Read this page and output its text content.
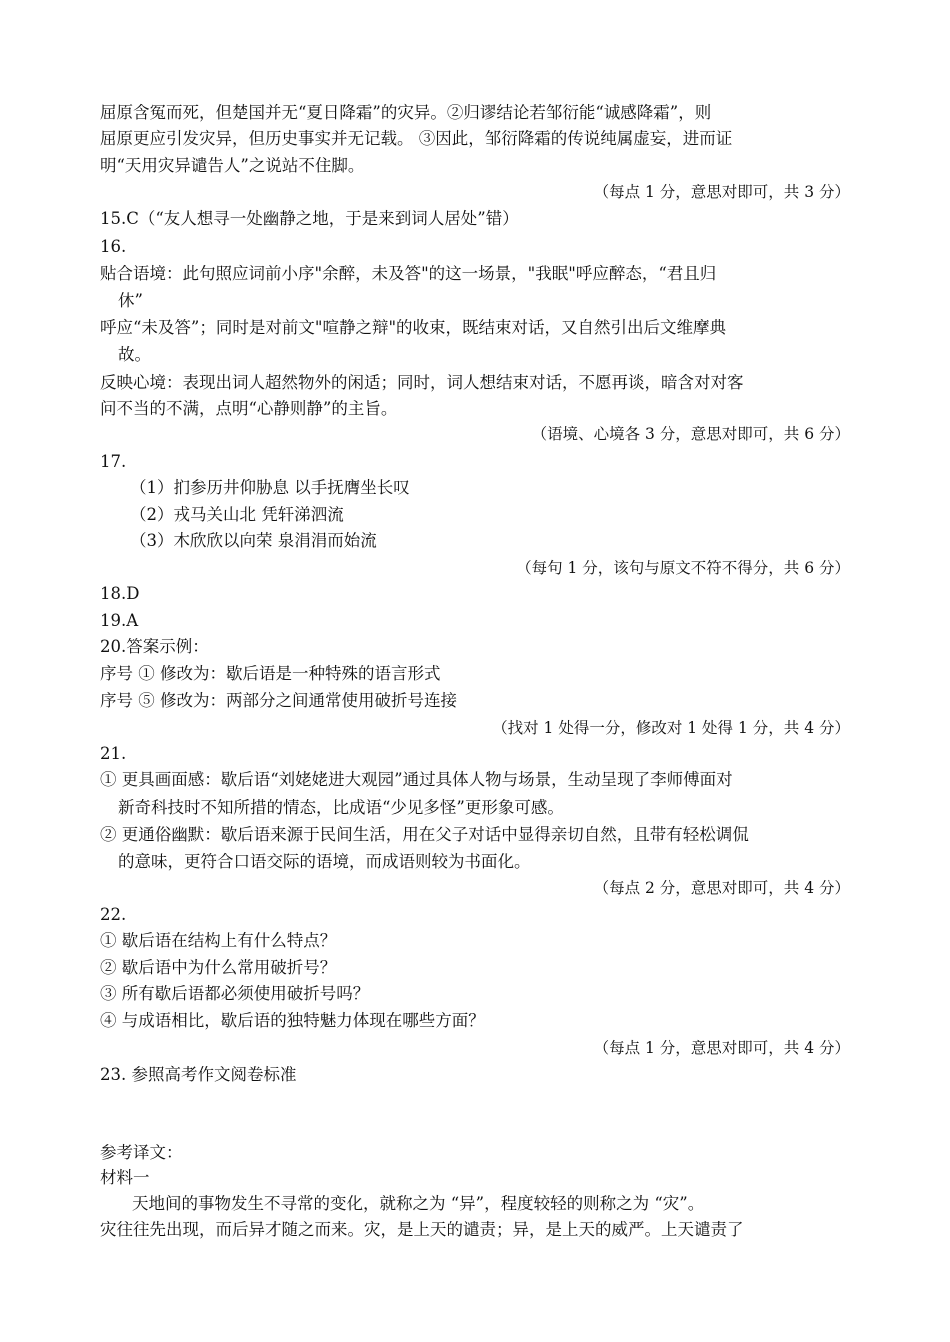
屈原含冤而死，但楚国并无“夏日降霜”的灾异。②归谬结论若邹衍能“诚感降霜”，则
屈原更应引发灾异，但历史事实并无记载。 ③因此，邹衍降霜的传说纯属虚妄，进而证
明“天用灾异谴告人”之说站不住脚。
（每点 1 分，意思对即可，共 3 分）
15.C（“友人想寻一处幽静之地，于是来到词人居处”错）
16.
贴合语境：此句照应词前小序"余醉，未及答"的这一场景，"我眠"呼应醉态，“君且归
休”
呼应“未及答”；同时是对前文"喧静之辩"的收束，既结束对话，又自然引出后文维摩典
故。
反映心境：表现出词人超然物外的闲适；同时，词人想结束对话，不愿再谈，暗含对对客
问不当的不满，点明“心静则静”的主旨。
（语境、心境各 3 分，意思对即可，共 6 分）
17.
（1）扪参历井仰胁息 以手抚膺坐长叹
（2）戎马关山北 凭轩涕泗流
（3）木欣欣以向荣 泉涓涓而始流
（每句 1 分，该句与原文不符不得分，共 6 分）
18.D
19.A
20.答案示例：
序号 ① 修改为：歇后语是一种特殊的语言形式
序号 ⑤ 修改为：两部分之间通常使用破折号连接
（找对 1 处得一分，修改对 1 处得 1 分，共 4 分）
21.
① 更具画面感：歇后语“刘姥姥进大观园”通过具体人物与场景，生动呈现了李师傅面对
新奇科技时不知所措的情态，比成语“少见多怪”更形象可感。
② 更通俗幽默：歇后语来源于民间生活，用在父子对话中显得亲切自然，且带有轻松调侃
的意味，更符合口语交际的语境，而成语则较为书面化。
（每点 2 分，意思对即可，共 4 分）
22.
① 歇后语在结构上有什么特点？
② 歇后语中为什么常用破折号？
③ 所有歇后语都必须使用破折号吗？
④ 与成语相比，歇后语的独特魅力体现在哪些方面？
（每点 1 分，意思对即可，共 4 分）
23. 参照高考作文阅卷标准
参考译文：
材料一
天地间的事物发生不寻常的变化，就称之为 “异”，程度较轻的则称之为 “灾”。
灾往往先出现，而后异才随之而来。灾，是上天的谴责；异，是上天的威严。上天谴责了
